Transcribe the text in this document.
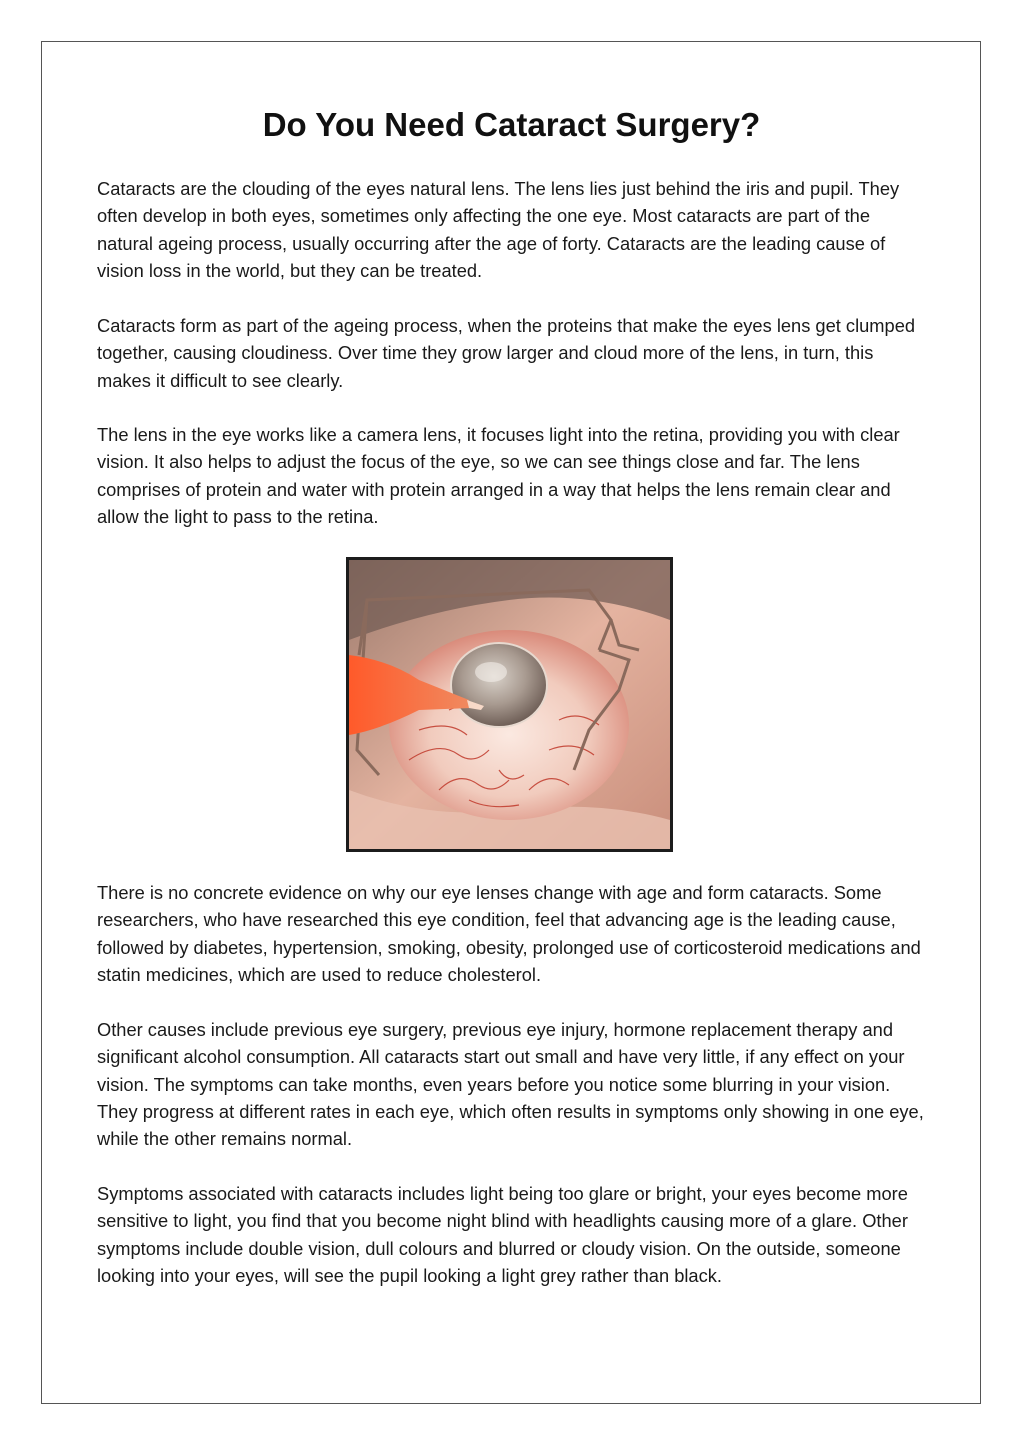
Do You Need Cataract Surgery?

Cataracts are the clouding of the eyes natural lens. The lens lies just behind the iris and pupil. They often develop in both eyes, sometimes only affecting the one eye. Most cataracts are part of the natural ageing process, usually occurring after the age of forty. Cataracts are the leading cause of vision loss in the world, but they can be treated.

Cataracts form as part of the ageing process, when the proteins that make the eyes lens get clumped together, causing cloudiness. Over time they grow larger and cloud more of the lens, in turn, this makes it difficult to see clearly.

The lens in the eye works like a camera lens, it focuses light into the retina, providing you with clear vision. It also helps to adjust the focus of the eye, so we can see things close and far. The lens comprises of protein and water with protein arranged in a way that helps the lens remain clear and allow the light to pass to the retina.

There is no concrete evidence on why our eye lenses change with age and form cataracts. Some researchers, who have researched this eye condition, feel that advancing age is the leading cause, followed by diabetes, hypertension, smoking, obesity, prolonged use of corticosteroid medications and statin medicines, which are used to reduce cholesterol.

Other causes include previous eye surgery, previous eye injury, hormone replacement therapy and significant alcohol consumption. All cataracts start out small and have very little, if any effect on your vision. The symptoms can take months, even years before you notice some blurring in your vision. They progress at different rates in each eye, which often results in symptoms only showing in one eye, while the other remains normal.

Symptoms associated with cataracts includes light being too glare or bright, your eyes become more sensitive to light, you find that you become night blind with headlights causing more of a glare. Other symptoms include double vision, dull colours and blurred or cloudy vision. On the outside, someone looking into your eyes, will see the pupil looking a light grey rather than black.
